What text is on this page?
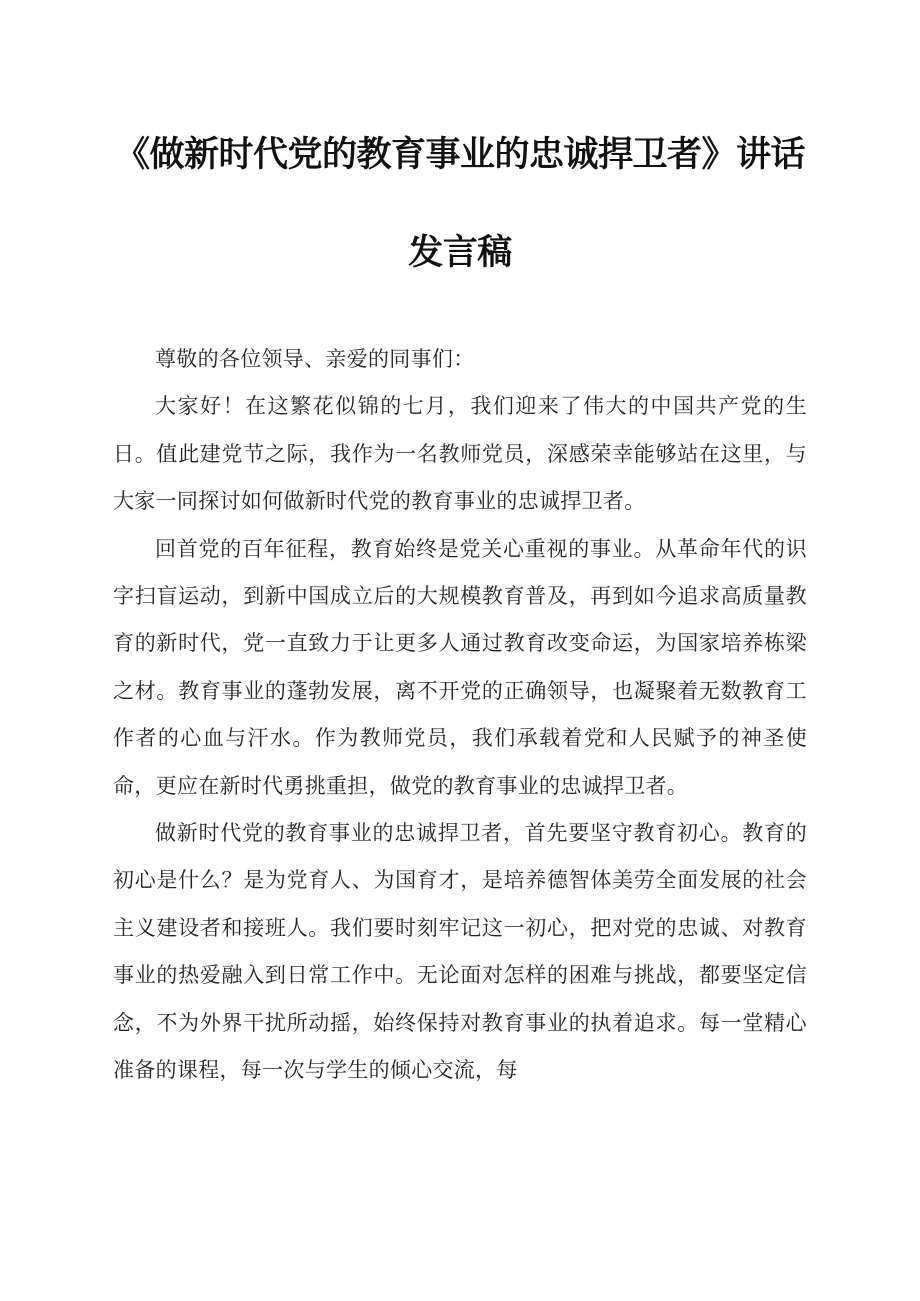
《做新时代党的教育事业的忠诚捍卫者》讲话
发言稿

尊敬的各位领导、亲爱的同事们：

大家好！在这繁花似锦的七月，我们迎来了伟大的中国共产党的生日。值此建党节之际，我作为一名教师党员，深感荣幸能够站在这里，与大家一同探讨如何做新时代党的教育事业的忠诚捍卫者。

回首党的百年征程，教育始终是党关心重视的事业。从革命年代的识字扫盲运动，到新中国成立后的大规模教育普及，再到如今追求高质量教育的新时代，党一直致力于让更多人通过教育改变命运，为国家培养栋梁之材。教育事业的蓬勃发展，离不开党的正确领导，也凝聚着无数教育工作者的心血与汗水。作为教师党员，我们承载着党和人民赋予的神圣使命，更应在新时代勇挑重担，做党的教育事业的忠诚捍卫者。

做新时代党的教育事业的忠诚捍卫者，首先要坚守教育初心。教育的初心是什么？是为党育人、为国育才，是培养德智体美劳全面发展的社会主义建设者和接班人。我们要时刻牢记这一初心，把对党的忠诚、对教育事业的热爱融入到日常工作中。无论面对怎样的困难与挑战，都要坚定信念，不为外界干扰所动摇，始终保持对教育事业的执着追求。每一堂精心准备的课程，每一次与学生的倾心交流，每
